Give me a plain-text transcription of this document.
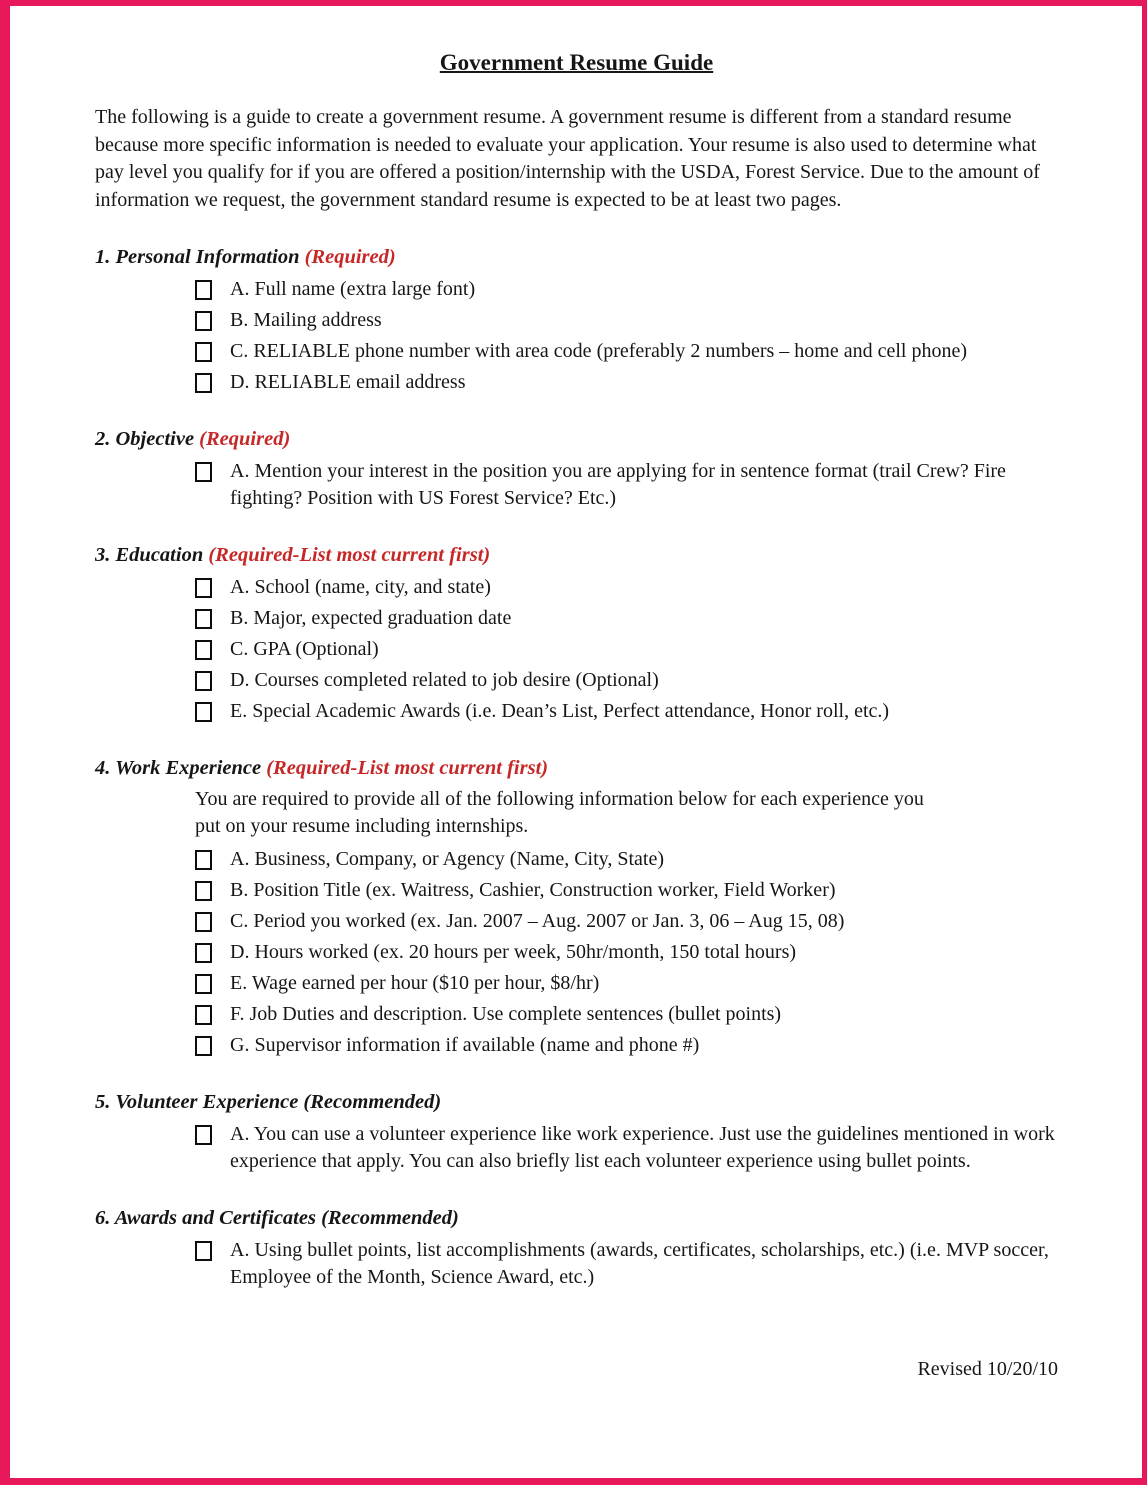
Government Resume Guide

The following is a guide to create a government resume. A government resume is different from a standard resume because more specific information is needed to evaluate your application. Your resume is also used to determine what pay level you qualify for if you are offered a position/internship with the USDA, Forest Service. Due to the amount of information we request, the government standard resume is expected to be at least two pages.

1. Personal Information (Required)
A. Full name (extra large font)
B. Mailing address
C. RELIABLE phone number with area code (preferably 2 numbers – home and cell phone)
D. RELIABLE email address
2. Objective (Required)
A. Mention your interest in the position you are applying for in sentence format (trail Crew? Fire fighting? Position with US Forest Service? Etc.)
3. Education (Required-List most current first)
A. School (name, city, and state)
B. Major, expected graduation date
C. GPA (Optional)
D. Courses completed related to job desire (Optional)
E. Special Academic Awards (i.e. Dean’s List, Perfect attendance, Honor roll, etc.)
4. Work Experience (Required-List most current first)

You are required to provide all of the following information below for each experience you put on your resume including internships.

A. Business, Company, or Agency (Name, City, State)
B. Position Title (ex. Waitress, Cashier, Construction worker, Field Worker)
C. Period you worked (ex. Jan. 2007 – Aug. 2007 or Jan. 3, 06 – Aug 15, 08)
D. Hours worked (ex. 20 hours per week, 50hr/month, 150 total hours)
E. Wage earned per hour ($10 per hour, $8/hr)
F. Job Duties and description. Use complete sentences (bullet points)
G. Supervisor information if available (name and phone #)
5. Volunteer Experience (Recommended)
A. You can use a volunteer experience like work experience. Just use the guidelines mentioned in work experience that apply. You can also briefly list each volunteer experience using bullet points.
6. Awards and Certificates (Recommended)
A. Using bullet points, list accomplishments (awards, certificates, scholarships, etc.) (i.e. MVP soccer, Employee of the Month, Science Award, etc.)

Revised 10/20/10
